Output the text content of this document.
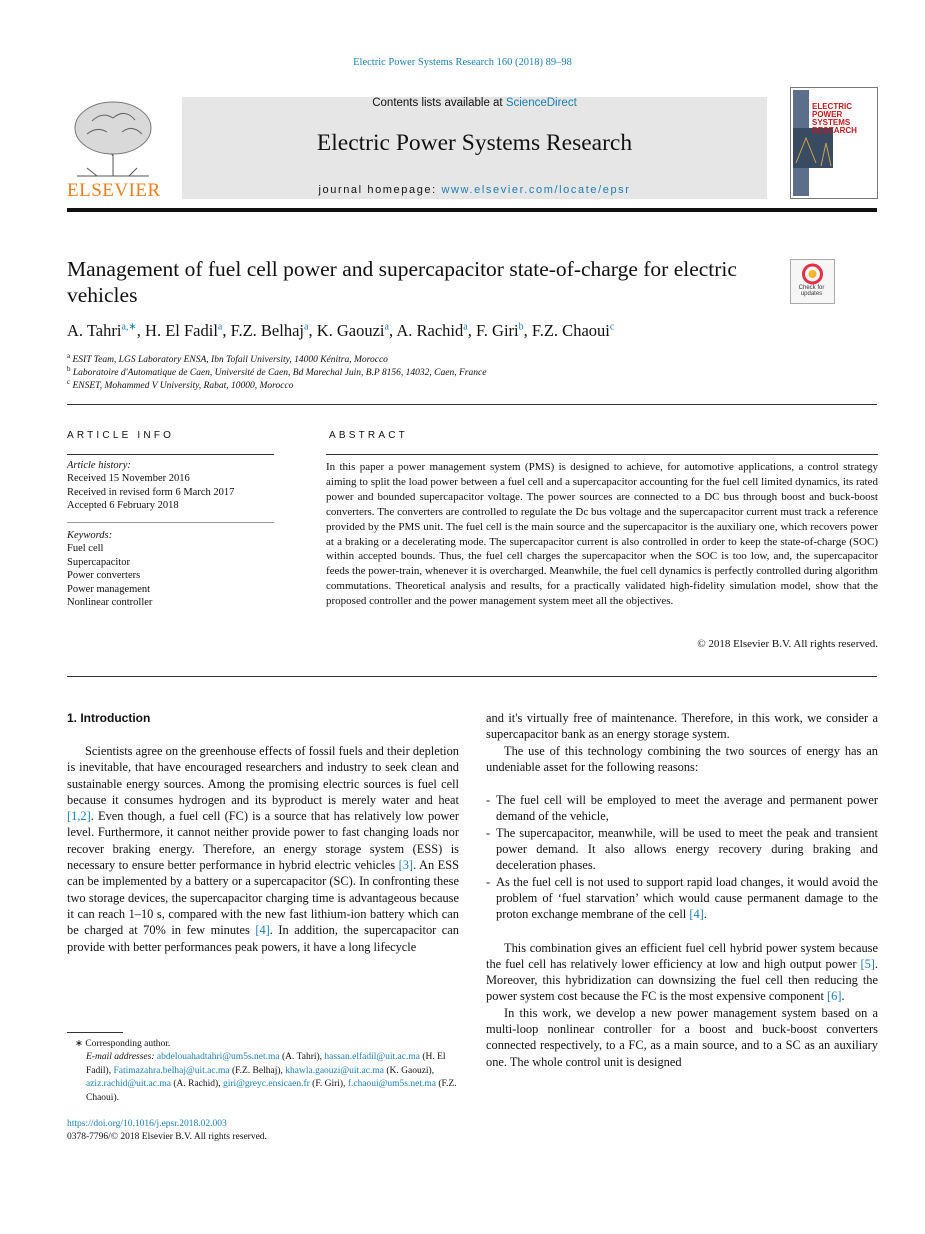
Electric Power Systems Research 160 (2018) 89–98
ELSEVIER
Contents lists available at ScienceDirect
Electric Power Systems Research
journal homepage: www.elsevier.com/locate/epsr
ELECTRIC POWER SYSTEMS RESEARCH
Management of fuel cell power and supercapacitor state-of-charge for electric vehicles	Check for updates
A. Tahri$^{a,∗}$, H. El Fadil$^a$, F.Z. Belhaj$^a$, K. Gaouzi$^a$, A. Rachid$^a$, F. Giri$^b$, F.Z. Chaoui$^c$
$^a$ ESIT Team, LGS Laboratory ENSA, Ibn Tofail University, 14000 Kénitra, Morocco
$^b$ Laboratoire d'Automatique de Caen, Université de Caen, Bd Marechal Juin, B.P 8156, 14032, Caen, France
$^c$ ENSET, Mohammed V University, Rabat, 10000, Morocco
ARTICLE INFO
Article history:
Received 15 November 2016
Received in revised form 6 March 2017
Accepted 6 February 2018
Keywords:
Fuel cell
Supercapacitor
Power converters
Power management
Nonlinear controller
ABSTRACT
In this paper a power management system (PMS) is designed to achieve, for automotive applications, a control strategy aiming to split the load power between a fuel cell and a supercapacitor accounting for the fuel cell limited dynamics, its rated power and bounded supercapacitor voltage. The power sources are connected to a DC bus through boost and buck-boost converters. The converters are controlled to regulate the Dc bus voltage and the supercapacitor current must track a reference provided by the PMS unit. The fuel cell is the main source and the supercapacitor is the auxiliary one, which recovers power at a braking or a decelerating mode. The supercapacitor current is also controlled in order to keep the state-of-charge (SOC) within accepted bounds. Thus, the fuel cell charges the supercapacitor when the SOC is too low, and, the supercapacitor feeds the power-train, whenever it is overcharged. Meanwhile, the fuel cell dynamics is perfectly controlled during algorithm commutations. Theoretical analysis and results, for a practically validated high-fidelity simulation model, show that the proposed controller and the power management system meet all the objectives.
© 2018 Elsevier B.V. All rights reserved.
1. Introduction

Scientists agree on the greenhouse effects of fossil fuels and their depletion is inevitable, that have encouraged researchers and industry to seek clean and sustainable energy sources. Among the promising electric sources is fuel cell because it consumes hydrogen and its byproduct is merely water and heat [1,2]. Even though, a fuel cell (FC) is a source that has relatively low power level. Furthermore, it cannot neither provide power to fast changing loads nor recover braking energy. Therefore, an energy storage system (ESS) is necessary to ensure better performance in hybrid electric vehicles [3]. An ESS can be implemented by a battery or a supercapacitor (SC). In confronting these two storage devices, the supercapacitor charging time is advantageous because it can reach 1–10 s, compared with the new fast lithium-ion battery which can be charged at 70% in few minutes [4]. In addition, the supercapacitor can provide with better performances peak powers, it have a long lifecycle

and it's virtually free of maintenance. Therefore, in this work, we consider a supercapacitor bank as an energy storage system.

The use of this technology combining the two sources of energy has an undeniable asset for the following reasons:

- The fuel cell will be employed to meet the average and permanent power demand of the vehicle,

- The supercapacitor, meanwhile, will be used to meet the peak and transient power demand. It also allows energy recovery during braking and deceleration phases.

- As the fuel cell is not used to support rapid load changes, it would avoid the problem of ‘fuel starvation’ which would cause permanent damage to the proton exchange membrane of the cell [4].

This combination gives an efficient fuel cell hybrid power system because the fuel cell has relatively lower efficiency at low and high output power [5]. Moreover, this hybridization can downsizing the fuel cell then reducing the power system cost because the FC is the most expensive component [6].

In this work, we develop a new power management system based on a multi-loop nonlinear controller for a boost and buck-boost converters connected respectively, to a FC, as a main source, and to a SC as an auxiliary one. The whole control unit is designed

∗ Corresponding author.
E-mail addresses: abdelouahadtahri@um5s.net.ma (A. Tahri), hassan.elfadil@uit.ac.ma (H. El Fadil), Fatimazahra.belhaj@uit.ac.ma (F.Z. Belhaj), khawla.gaouzi@uit.ac.ma (K. Gaouzi), aziz.rachid@uit.ac.ma (A. Rachid), giri@greyc.ensicaen.fr (F. Giri), f.chaoui@um5s.net.ma (F.Z. Chaoui).
https://doi.org/10.1016/j.epsr.2018.02.003
0378-7796/© 2018 Elsevier B.V. All rights reserved.
